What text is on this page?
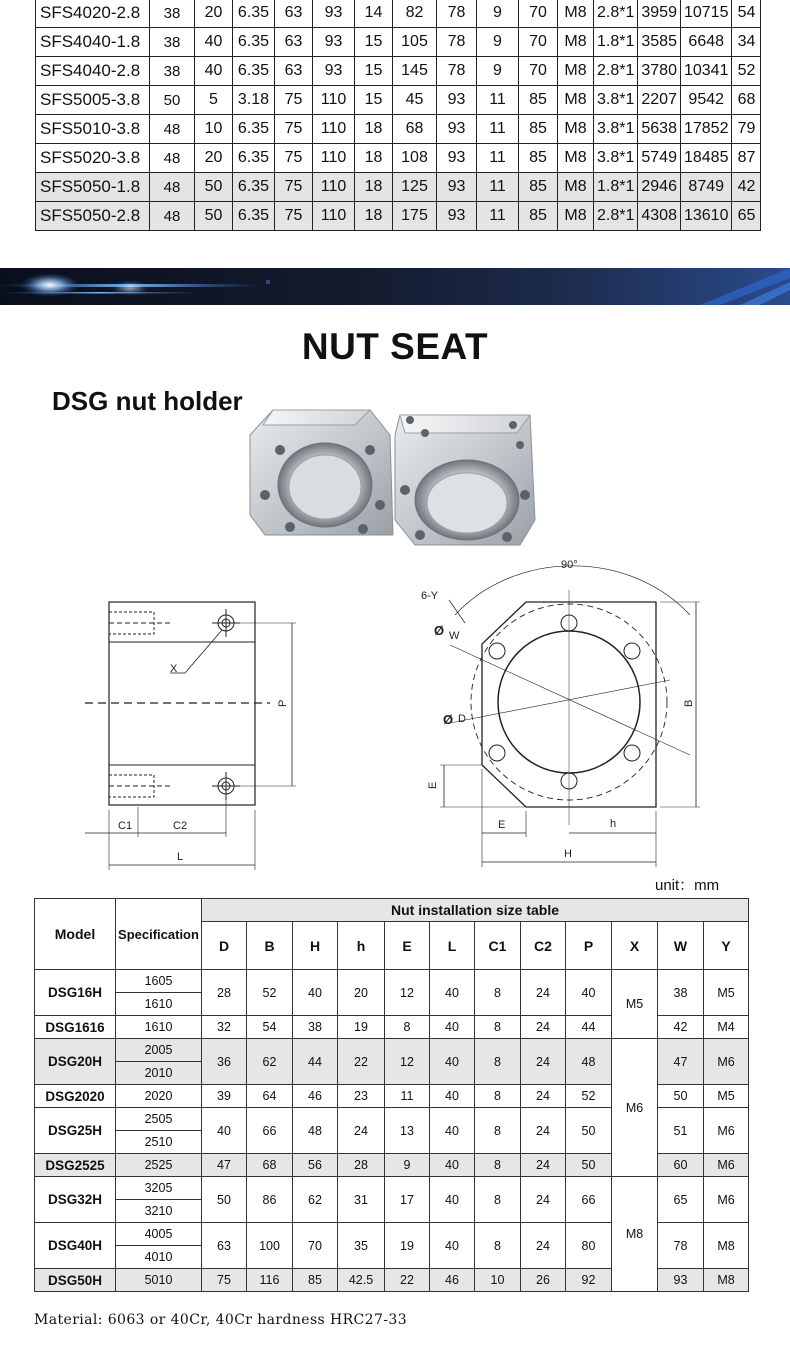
SFS4020-2.8	38	20	6.35	63	93	14	82	78	9	70	M8	2.8*1	3959	10715	54
SFS4040-1.8	38	40	6.35	63	93	15	105	78	9	70	M8	1.8*1	3585	6648	34
SFS4040-2.8	38	40	6.35	63	93	15	145	78	9	70	M8	2.8*1	3780	10341	52
SFS5005-3.8	50	5	3.18	75	110	15	45	93	11	85	M8	3.8*1	2207	9542	68
SFS5010-3.8	48	10	6.35	75	110	18	68	93	11	85	M8	3.8*1	5638	17852	79
SFS5020-3.8	48	20	6.35	75	110	18	108	93	11	85	M8	3.8*1	5749	18485	87
SFS5050-1.8	48	50	6.35	75	110	18	125	93	11	85	M8	1.8*1	2946	8749	42
SFS5050-2.8	48	50	6.35	75	110	18	175	93	11	85	M8	2.8*1	4308	13610	65
NUT SEAT
DSG nut holder
X
P
C1	C2
L
90°
6-Y
Ø W
Ø D
B
E
E	h
H
unit：mm
Model	Specification	Nut installation size table											
		D	B	H	h	E	L	C1	C2	P	X	W	Y
DSG16H	1605	28	52	40	20	12	40	8	24	40	M5	38	M5
	1610												
DSG1616	1610	32	54	38	19	8	40	8	24	44		42	M4
DSG20H	2005	36	62	44	22	12	40	8	24	48	M6	47	M6
	2010												
DSG2020	2020	39	64	46	23	11	40	8	24	52		50	M5
DSG25H	2505	40	66	48	24	13	40	8	24	50		51	M6
	2510												
DSG2525	2525	47	68	56	28	9	40	8	24	50		60	M6
DSG32H	3205	50	86	62	31	17	40	8	24	66	M8	65	M6
	3210												
DSG40H	4005	63	100	70	35	19	40	8	24	80		78	M8
	4010												
DSG50H	5010	75	116	85	42.5	22	46	10	26	92		93	M8
Material: 6063 or 40Cr, 40Cr hardness HRC27-33
